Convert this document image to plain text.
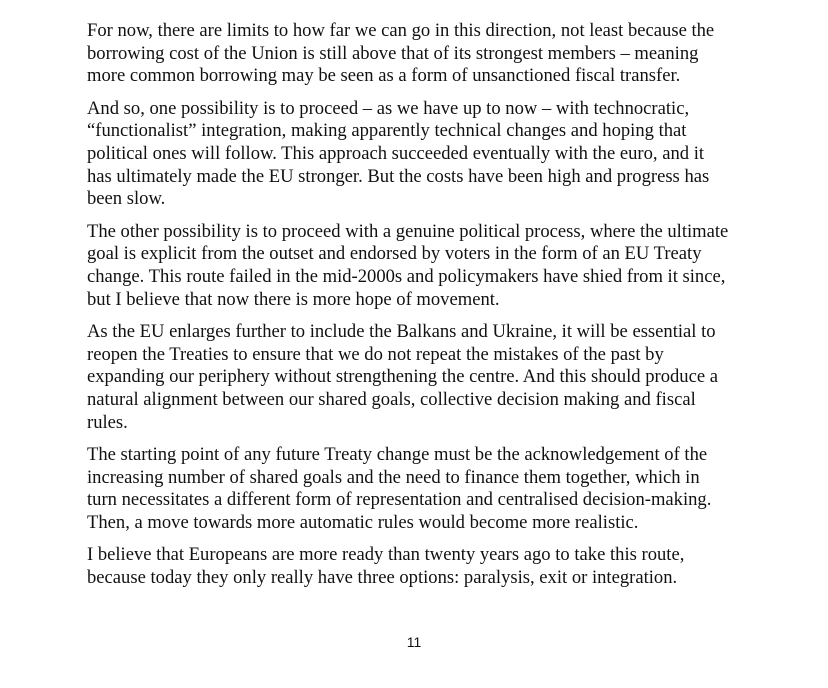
For now, there are limits to how far we can go in this direction, not least because the
borrowing cost of the Union is still above that of its strongest members – meaning
more common borrowing may be seen as a form of unsanctioned fiscal transfer.

And so, one possibility is to proceed – as we have up to now – with technocratic,
“functionalist” integration, making apparently technical changes and hoping that
political ones will follow. This approach succeeded eventually with the euro, and it
has ultimately made the EU stronger. But the costs have been high and progress has
been slow.

The other possibility is to proceed with a genuine political process, where the ultimate
goal is explicit from the outset and endorsed by voters in the form of an EU Treaty
change. This route failed in the mid-2000s and policymakers have shied from it since,
but I believe that now there is more hope of movement.

As the EU enlarges further to include the Balkans and Ukraine, it will be essential to
reopen the Treaties to ensure that we do not repeat the mistakes of the past by
expanding our periphery without strengthening the centre. And this should produce a
natural alignment between our shared goals, collective decision making and fiscal
rules.

The starting point of any future Treaty change must be the acknowledgement of the
increasing number of shared goals and the need to finance them together, which in
turn necessitates a different form of representation and centralised decision-making.
Then, a move towards more automatic rules would become more realistic.

I believe that Europeans are more ready than twenty years ago to take this route,
because today they only really have three options: paralysis, exit or integration.

11
